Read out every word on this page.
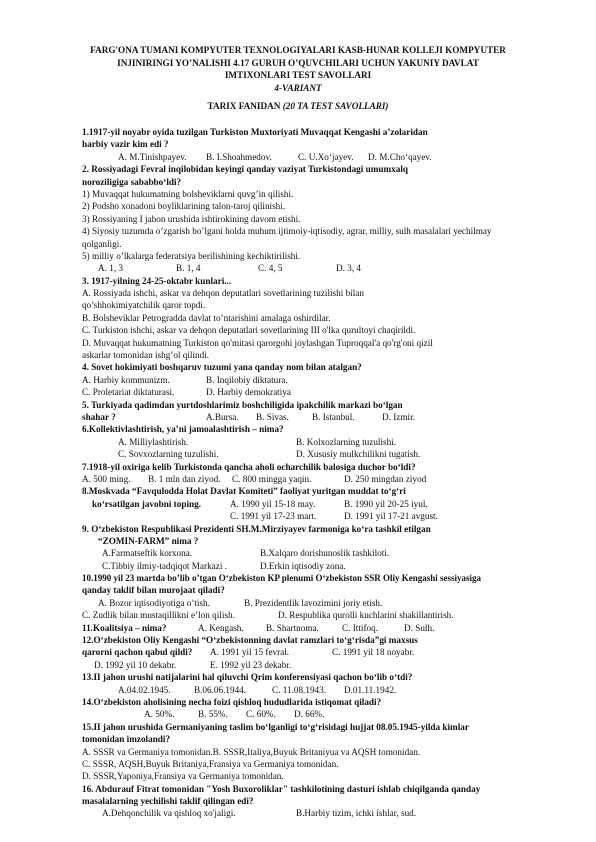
FARG'ONA TUMANI KOMPYUTER TEXNOLOGIYALARI KASB-HUNAR KOLLEJI KOMPYUTER
INJINIRINGI YO’NALISHI 4.17 GURUH O’QUVCHILARI UCHUN YAKUNIY DAVLAT
IMTIXONLARI TEST SAVOLLARI
4-VARIANT
TARIX FANIDAN (20 TA TEST SAVOLLARI)
1.1917-yil noyabr oyida tuzilgan Turkiston Muxtoriyati Muvaqqat Kengashi a’zolaridan
harbiy vazir kim edi ?
A. M.Tinishpayev. B. I.Shoahmedov.	C. U.Xo‘jayev. D. M.Cho‘qayev.
2. Rossiyadagi Fevral inqilobidan keyingi qanday vaziyat Turkistondagi umumxalq
noroziligiga sababbo‘ldi?
1) Muvaqqat hukumatning bolsheviklarni quvg’in qilishi.
2) Podsho xonadoni boyliklarining talon-taroj qilinishi.
3) Rossiyaning I jahon urushida ishtirokining davom etishi.
4) Siyosiy tuzumda o’zgarish bo’lgani holda muhum ijtimoiy-iqtisodiy, agrar, milliy, sulh masalalari yechilmay
qolganligi.
5) milliy o’lkalarga federatsiya berilishining kechiktirilishi.
A. 1, 3	B. 1, 4	C. 4, 5	D. 3, 4
3. 1917-yilning 24-25-oktabr kunlari...
A. Rossiyada ishchi, askar va dehqon deputatlari sovetlarining tuzilishi bilan
qo’shhokimiyatchilik qaror topdi.
B. Bolsheviklar Petrogradda davlat to’ntarishini amalaga oshirdilar.
C. Turkiston ishchi, askar va dehqon deputatlari sovetlarining III o'lka qurultoyi chaqirildi.
D. Muvaqqat hukumatning Turkiston qo'mitasi qarorgohi joylashgan Tuproqqal'a qo'rg'oni qizil
askarlar tomonidan ishg’ol qilindi.
4. Sovet hokimiyati boshqaruv tuzumi yana qanday nom bilan atalgan?
A. Harbiy kommunizm.	B. Inqilobiy diktatura.
C. Proletariat diktaturasi.	D. Harbiy demokratiya
5. Turkiyada qadimdan yurtdoshlarimiz boshchiligida ipakchilik markazi bo‘lgan
shahar ?	A.Bursa. B. Sivas.	B. Istanbul.	D. Izmir.
6.Kollektivlashtirish, ya’ni jamoalashtirish – nima?
A. Milliylashtirish.	B. Kolxozlarning tuzulishi.
C. Sovxozlarning tuzulishi.	D. Xususiy mulkchilikni tugatish.
7.1918-yil oxiriga kelib Turkistonda qancha aholi ocharchilik balosiga duchor bo‘ldi?
A. 500 ming. B. 1 mln dan ziyod. C. 800 mingga yaqin.	D. 250 mingdan ziyod
8.Moskvada “Favqulodda Holat Davlat Komiteti” faoliyat yuritgan muddat to‘g‘ri
ko‘rsatilgan javobni toping.	A. 1990 yil 15-18 may.	B. 1990 yil 20-25 iyul.
C. 1991 yil 17-23 mart.	D. 1991 yil 17-21 avgust.
9. O‘zbekiston Respublikasi Prezidenti SH.M.Mirziyayev farmoniga ko‘ra tashkil etilgan
“ZOMIN-FARM” nima ?
A.Farmatseftik korxona.	B.Xalqaro dorishunoslik tashkiloti.
C.Tibbiy ilmiy-tadqiqot Markazi .	D.Erkin iqtisodiy zona.
10.1990 yil 23 martda bo’lib o’tgan O‘zbekiston KP plenumi O‘zbekiston SSR Oliy Kengashi sessiyasiga
qanday taklif bilan murojaat qiladi?
A. Bozor iqtisodiyotiga o’tish.	B. Prezidentlik lavozimini joriy etish.
C. Zudlik bilan mustaqillikni e’lon qilish.	D. Respublika qurolli kuchlarini shakillantirish.
11.Koalitsiya – nima?	A. Kengash. B. Shartnoma.	C. Ittifoq.	D. Sulh.
12.O‘zbekiston Oliy Kengashi “O‘zbekistonning davlat ramzlari to‘g‘risda”gi maxsus
qarorni qachon qabul qildi? A. 1991 yil 15 fevral.	C. 1991 yil 18 noyabr.
D. 1992 yil 10 dekabr.	E. 1992 yil 23 dekabr.
13.II jahon urushi natijalarini hal qiluvchi Qrim konferensiyasi qachon bo‘lib o‘tdi?
A.04.02.1945.	B.06.06.1944.	C. 11.08.1943. D.01.11.1942.
14.O‘zbekiston aholisining necha foizi qishloq hududlarida istiqomat qiladi?
A. 50%.	B. 55%. C. 60%. D. 66%.
15.II jahon urushida Germaniyaning taslim bo‘lganligi to‘g‘risidagi hujjat 08.05.1945-yilda kimlar
tomonidan imzolandi?
A. SSSR va Germaniya tomonidan.B. SSSR,Italiya,Buyuk Britaniyua va AQSH tomonidan.
C. SSSR, AQSH,Buyuk Britaniya,Fransiya va Germaniya tomonidan.
D. SSSR,Yaponiya,Fransiya va Germaniya tomonidan.
16. Abdurauf Fitrat tomonidan "Yosh Buxoroliklar" tashkilotining dasturi ishlab chiqilganda qanday
masalalarning yechilishi taklif qilingan edi?
A.Dehqonchilik va qishloq xo'jaligi.	B.Harbiy tizim, ichki ishlar, sud.
